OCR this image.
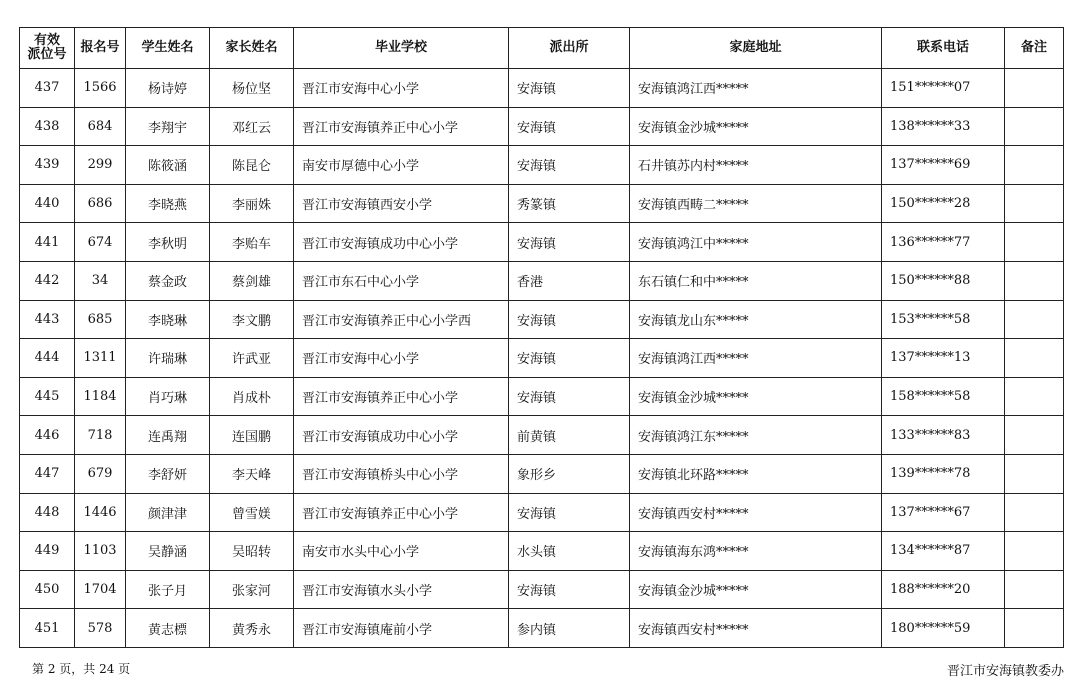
有效
派位号	报名号	学生姓名	家长姓名	毕业学校	派出所	家庭地址	联系电话	备注
437	1566	杨诗婷	杨位坚	晋江市安海中心小学	安海镇	安海镇鸿江西*****	151******07	
438	684	李翔宇	邓红云	晋江市安海镇养正中心小学	安海镇	安海镇金沙城*****	138******33	
439	299	陈筱涵	陈昆仑	南安市厚德中心小学	安海镇	石井镇苏内村*****	137******69	
440	686	李晓燕	李丽姝	晋江市安海镇西安小学	秀篆镇	安海镇西畴二*****	150******28	
441	674	李秋明	李贻车	晋江市安海镇成功中心小学	安海镇	安海镇鸿江中*****	136******77	
442	34	蔡金政	蔡剑雄	晋江市东石中心小学	香港	东石镇仁和中*****	150******88	
443	685	李晓琳	李文鹏	晋江市安海镇养正中心小学西	安海镇	安海镇龙山东*****	153******58	
444	1311	许瑞琳	许武亚	晋江市安海中心小学	安海镇	安海镇鸿江西*****	137******13	
445	1184	肖巧琳	肖成朴	晋江市安海镇养正中心小学	安海镇	安海镇金沙城*****	158******58	
446	718	连禹翔	连国鹏	晋江市安海镇成功中心小学	前黄镇	安海镇鸿江东*****	133******83	
447	679	李舒妍	李天峰	晋江市安海镇桥头中心小学	象形乡	安海镇北环路*****	139******78	
448	1446	颜津津	曾雪媄	晋江市安海镇养正中心小学	安海镇	安海镇西安村*****	137******67	
449	1103	吴静涵	吴昭转	南安市水头中心小学	水头镇	安海镇海东鸿*****	134******87	
450	1704	张子月	张家河	晋江市安海镇水头小学	安海镇	安海镇金沙城*****	188******20	
451	578	黄志標	黄秀永	晋江市安海镇庵前小学	参内镇	安海镇西安村*****	180******59	
第 2 页，共 24 页	晋江市安海镇教委办
